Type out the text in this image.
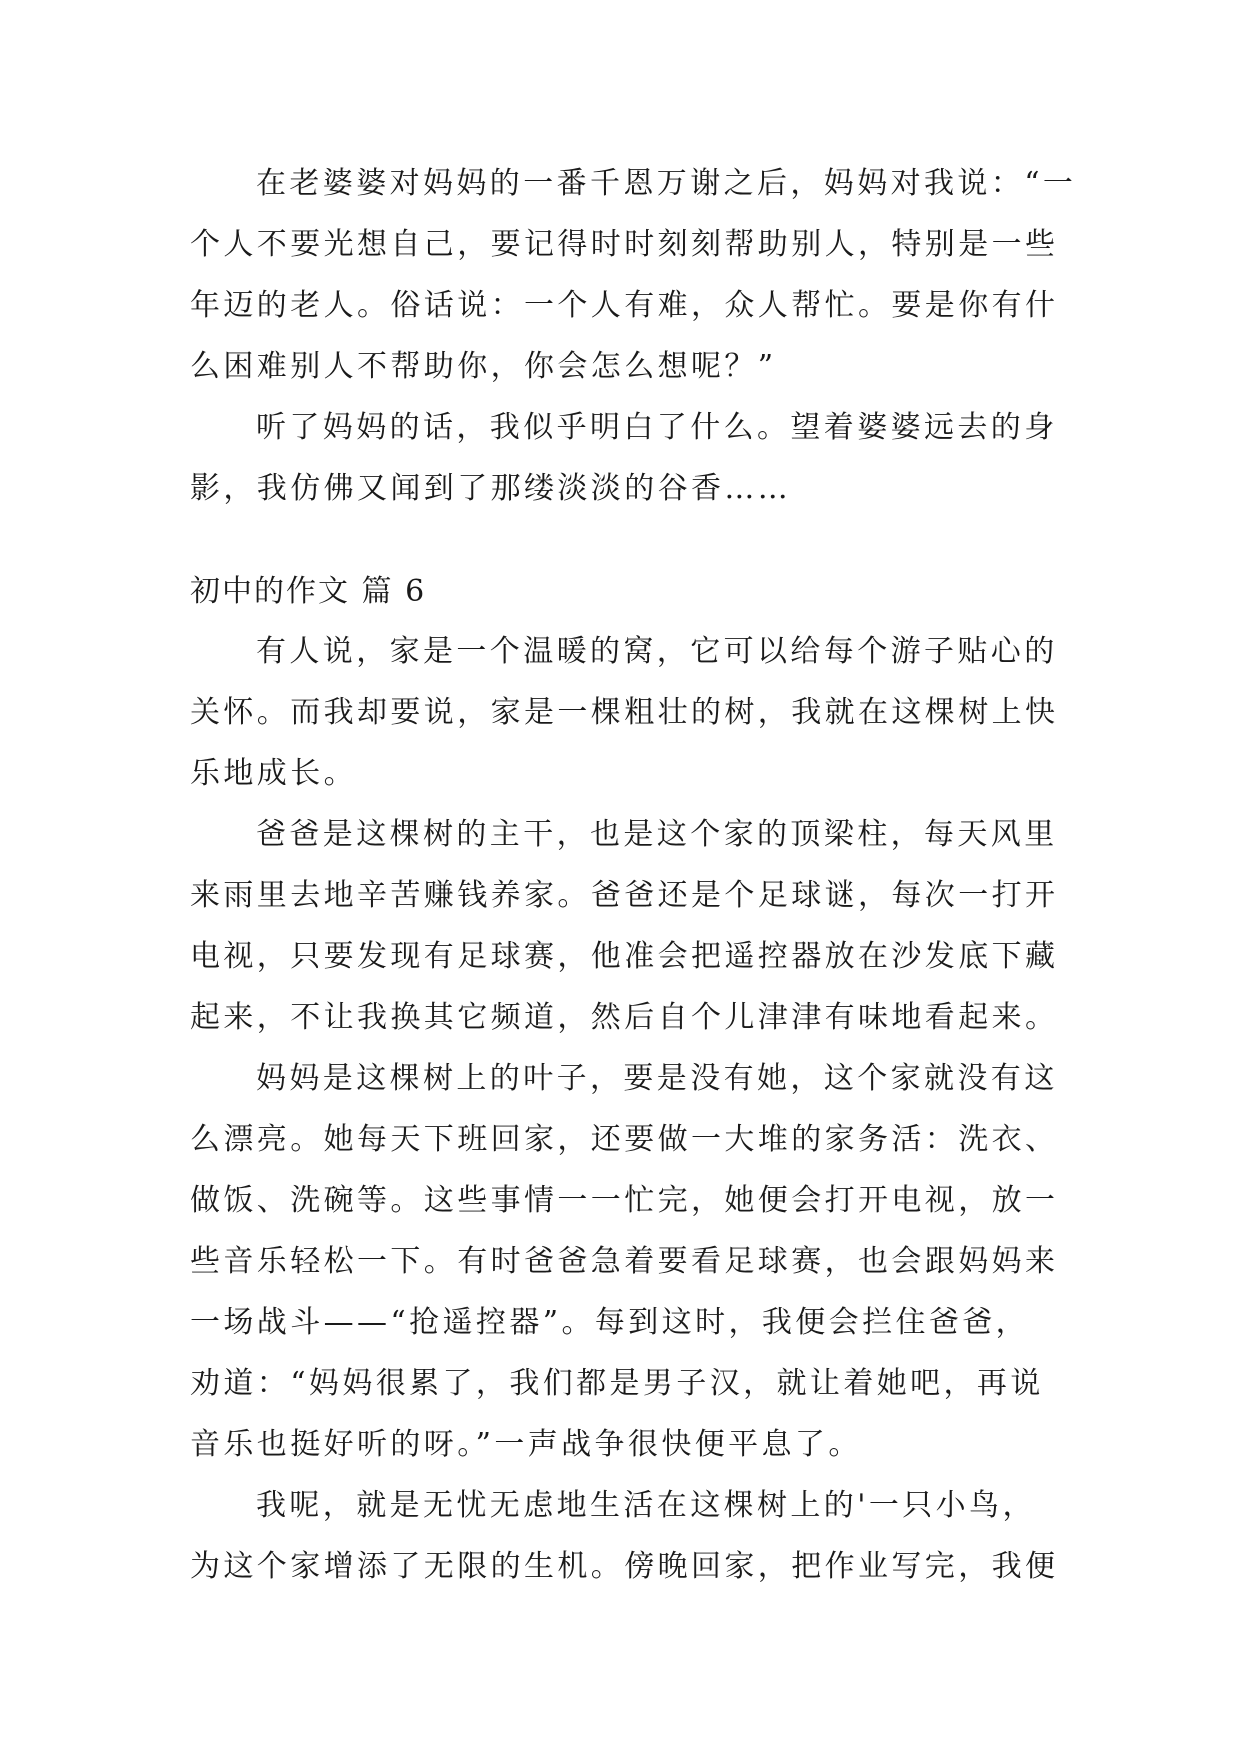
在老婆婆对妈妈的一番千恩万谢之后，妈妈对我说：“一
个人不要光想自己，要记得时时刻刻帮助别人，特别是一些
年迈的老人。俗话说：一个人有难，众人帮忙。要是你有什
么困难别人不帮助你，你会怎么想呢？”
听了妈妈的话，我似乎明白了什么。望着婆婆远去的身
影，我仿佛又闻到了那缕淡淡的谷香……
初中的作文 篇 6
有人说，家是一个温暖的窝，它可以给每个游子贴心的
关怀。而我却要说，家是一棵粗壮的树，我就在这棵树上快
乐地成长。
爸爸是这棵树的主干，也是这个家的顶梁柱，每天风里
来雨里去地辛苦赚钱养家。爸爸还是个足球谜，每次一打开
电视，只要发现有足球赛，他准会把遥控器放在沙发底下藏
起来，不让我换其它频道，然后自个儿津津有味地看起来。
妈妈是这棵树上的叶子，要是没有她，这个家就没有这
么漂亮。她每天下班回家，还要做一大堆的家务活：洗衣、
做饭、洗碗等。这些事情一一忙完，她便会打开电视，放一
些音乐轻松一下。有时爸爸急着要看足球赛，也会跟妈妈来
一场战斗——“抢遥控器”。每到这时，我便会拦住爸爸，
劝道：“妈妈很累了，我们都是男子汉，就让着她吧，再说
音乐也挺好听的呀。”一声战争很快便平息了。
我呢，就是无忧无虑地生活在这棵树上的'一只小鸟，
为这个家增添了无限的生机。傍晚回家，把作业写完，我便
